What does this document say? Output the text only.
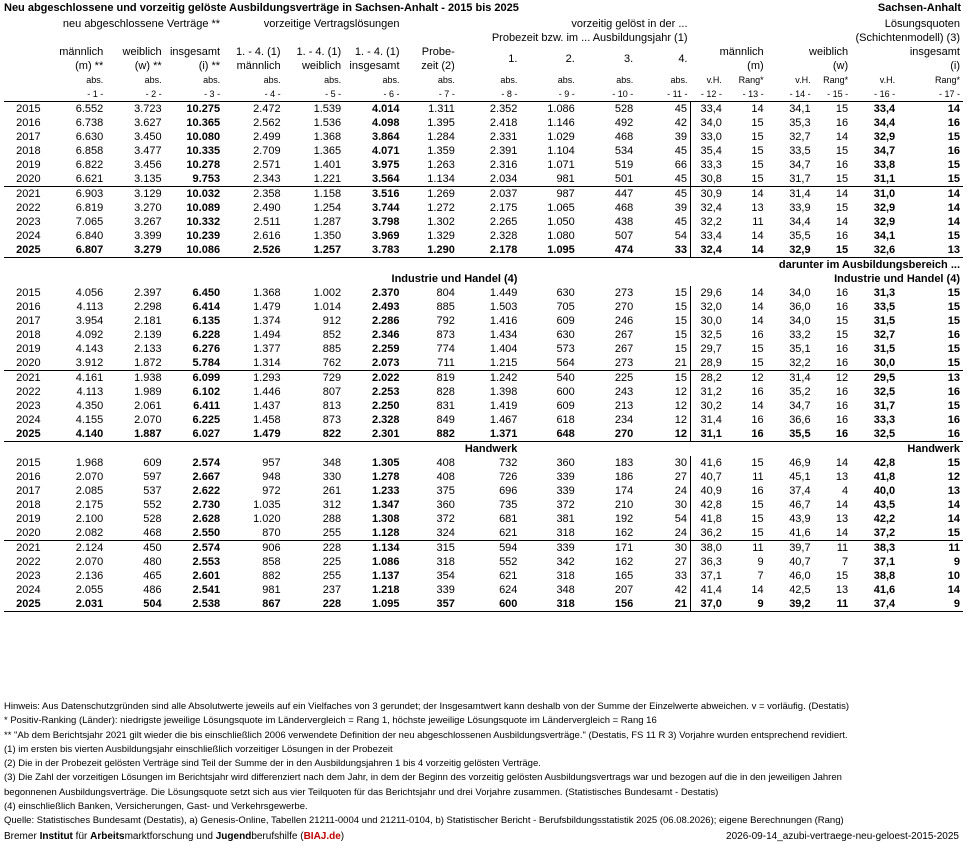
Neu abgeschlossene und vorzeitig gelöste Ausbildungsverträge in Sachsen-Anhalt - 2015 bis 2025	Sachsen-Anhalt
	neu abgeschlossene Verträge **			vorzeitige Vertragslösungen			vorzeitig gelöst in der ...					Lösungsquoten					
							Probezeit bzw. im ... Ausbildungsjahr (1)					(Schichtenmodell) (3)					
	männlich	weiblich	insgesamt	1. - 4. (1)	1. - 4. (1)	1. - 4. (1)	Probe-	1.	2.	3.	4.	männlich		weiblich		insgesamt	
	(m) **	(w) **	(i) **	männlich	weiblich	insgesamt	zeit (2)					(m)		(w)		(i)	
	abs.	abs.	abs.	abs.	abs.	abs.	abs.	abs.	abs.	abs.	abs.	v.H.	Rang*	v.H.	Rang*	v.H.	Rang*
	- 1 -	- 2 -	- 3 -	- 4 -	- 5 -	- 6 -	- 7 -	- 8 -	- 9 -	- 10 -	- 11 -	- 12 -	- 13 -	- 14 -	- 15 -	- 16 -	- 17 -
2015	6.552	3.723	10.275	2.472	1.539	4.014	1.311	2.352	1.086	528	45	33,4	14	34,1	15	33,4	14
2016	6.738	3.627	10.365	2.562	1.536	4.098	1.395	2.418	1.146	492	42	34,0	15	35,3	16	34,4	16
2017	6.630	3.450	10.080	2.499	1.368	3.864	1.284	2.331	1.029	468	39	33,0	15	32,7	14	32,9	15
2018	6.858	3.477	10.335	2.709	1.365	4.071	1.359	2.391	1.104	534	45	35,4	15	33,5	15	34,7	16
2019	6.822	3.456	10.278	2.571	1.401	3.975	1.263	2.316	1.071	519	66	33,3	15	34,7	16	33,8	15
2020	6.621	3.135	9.753	2.343	1.221	3.564	1.134	2.034	981	501	45	30,8	15	31,7	15	31,1	15
2021	6.903	3.129	10.032	2.358	1.158	3.516	1.269	2.037	987	447	45	30,9	14	31,4	14	31,0	14
2022	6.819	3.270	10.089	2.490	1.254	3.744	1.272	2.175	1.065	468	39	32,4	13	33,9	15	32,9	14
2023	7.065	3.267	10.332	2.511	1.287	3.798	1.302	2.265	1.050	438	45	32,2	11	34,4	14	32,9	14
2024	6.840	3.399	10.239	2.616	1.350	3.969	1.329	2.328	1.080	507	54	33,4	14	35,5	16	34,1	15
2025	6.807	3.279	10.086	2.526	1.257	3.783	1.290	2.178	1.095	474	33	32,4	14	32,9	15	32,6	13
darunter im Ausbildungsbereich ...																	
Industrie und Handel (4)									Industrie und Handel (4)								
2015	4.056	2.397	6.450	1.368	1.002	2.370	804	1.449	630	273	15	29,6	14	34,0	16	31,3	15
2016	4.113	2.298	6.414	1.479	1.014	2.493	885	1.503	705	270	15	32,0	14	36,0	16	33,5	15
2017	3.954	2.181	6.135	1.374	912	2.286	792	1.416	609	246	15	30,0	14	34,0	15	31,5	15
2018	4.092	2.139	6.228	1.494	852	2.346	873	1.434	630	267	15	32,5	16	33,2	15	32,7	16
2019	4.143	2.133	6.276	1.377	885	2.259	774	1.404	573	267	15	29,7	15	35,1	16	31,5	15
2020	3.912	1.872	5.784	1.314	762	2.073	711	1.215	564	273	21	28,9	15	32,2	16	30,0	15
2021	4.161	1.938	6.099	1.293	729	2.022	819	1.242	540	225	15	28,2	12	31,4	12	29,5	13
2022	4.113	1.989	6.102	1.446	807	2.253	828	1.398	600	243	12	31,2	16	35,2	16	32,5	16
2023	4.350	2.061	6.411	1.437	813	2.250	831	1.419	609	213	12	30,2	14	34,7	16	31,7	15
2024	4.155	2.070	6.225	1.458	873	2.328	849	1.467	618	234	12	31,4	16	36,6	16	33,3	16
2025	4.140	1.887	6.027	1.479	822	2.301	882	1.371	648	270	12	31,1	16	35,5	16	32,5	16
Handwerk									Handwerk								
2015	1.968	609	2.574	957	348	1.305	408	732	360	183	30	41,6	15	46,9	14	42,8	15
2016	2.070	597	2.667	948	330	1.278	408	726	339	186	27	40,7	11	45,1	13	41,8	12
2017	2.085	537	2.622	972	261	1.233	375	696	339	174	24	40,9	16	37,4	4	40,0	13
2018	2.175	552	2.730	1.035	312	1.347	360	735	372	210	30	42,8	15	46,7	14	43,5	14
2019	2.100	528	2.628	1.020	288	1.308	372	681	381	192	54	41,8	15	43,9	13	42,2	14
2020	2.082	468	2.550	870	255	1.128	324	621	318	162	24	36,2	15	41,6	14	37,2	15
2021	2.124	450	2.574	906	228	1.134	315	594	339	171	30	38,0	11	39,7	11	38,3	11
2022	2.070	480	2.553	858	225	1.086	318	552	342	162	27	36,3	9	40,7	7	37,1	9
2023	2.136	465	2.601	882	255	1.137	354	621	318	165	33	37,1	7	46,0	15	38,8	10
2024	2.055	486	2.541	981	237	1.218	339	624	348	207	42	41,4	14	42,5	13	41,6	14
2025	2.031	504	2.538	867	228	1.095	357	600	318	156	21	37,0	9	39,2	11	37,4	9
Hinweis: Aus Datenschutzgründen sind alle Absolutwerte jeweils auf ein Vielfaches von 3 gerundet; der Insgesamtwert kann deshalb von der Summe der Einzelwerte abweichen. v = vorläufig. (Destatis)
* Positiv-Ranking (Länder): niedrigste jeweilige Lösungsquote im Ländervergleich = Rang 1, höchste jeweilige Lösungsquote im Ländervergleich = Rang 16
** "Ab dem Berichtsjahr 2021 gilt wieder die bis einschließlich 2006 verwendete Definition der neu abgeschlossenen Ausbildungsverträge." (Destatis, FS 11 R 3) Vorjahre wurden entsprechend revidiert.
(1) im ersten bis vierten Ausbildungsjahr einschließlich vorzeitiger Lösungen in der Probezeit
(2) Die in der Probezeit gelösten Verträge sind Teil der Summe der in den Ausbildungsjahren 1 bis 4 vorzeitig gelösten Verträge.
(3) Die Zahl der vorzeitigen Lösungen im Berichtsjahr wird differenziert nach dem Jahr, in dem der Beginn des vorzeitig gelösten Ausbildungsvertrags war und bezogen auf die in den jeweiligen Jahren
begonnenen Ausbildungsverträge. Die Lösungsquote setzt sich aus vier Teilquoten für das Berichtsjahr und drei Vorjahre zusammen. (Statistisches Bundesamt - Destatis)
(4) einschließlich Banken, Versicherungen, Gast- und Verkehrsgewerbe.
Quelle: Statistisches Bundesamt (Destatis), a) Genesis-Online, Tabellen 21211-0004 und 21211-0104, b) Statistischer Bericht - Berufsbildungsstatistik 2025 (06.08.2026); eigene Berechnungen (Rang)
Bremer Institut für Arbeitsmarktforschung und Jugendberufshilfe (BIAJ.de)	2026-09-14_azubi-vertraege-neu-geloest-2015-2025
